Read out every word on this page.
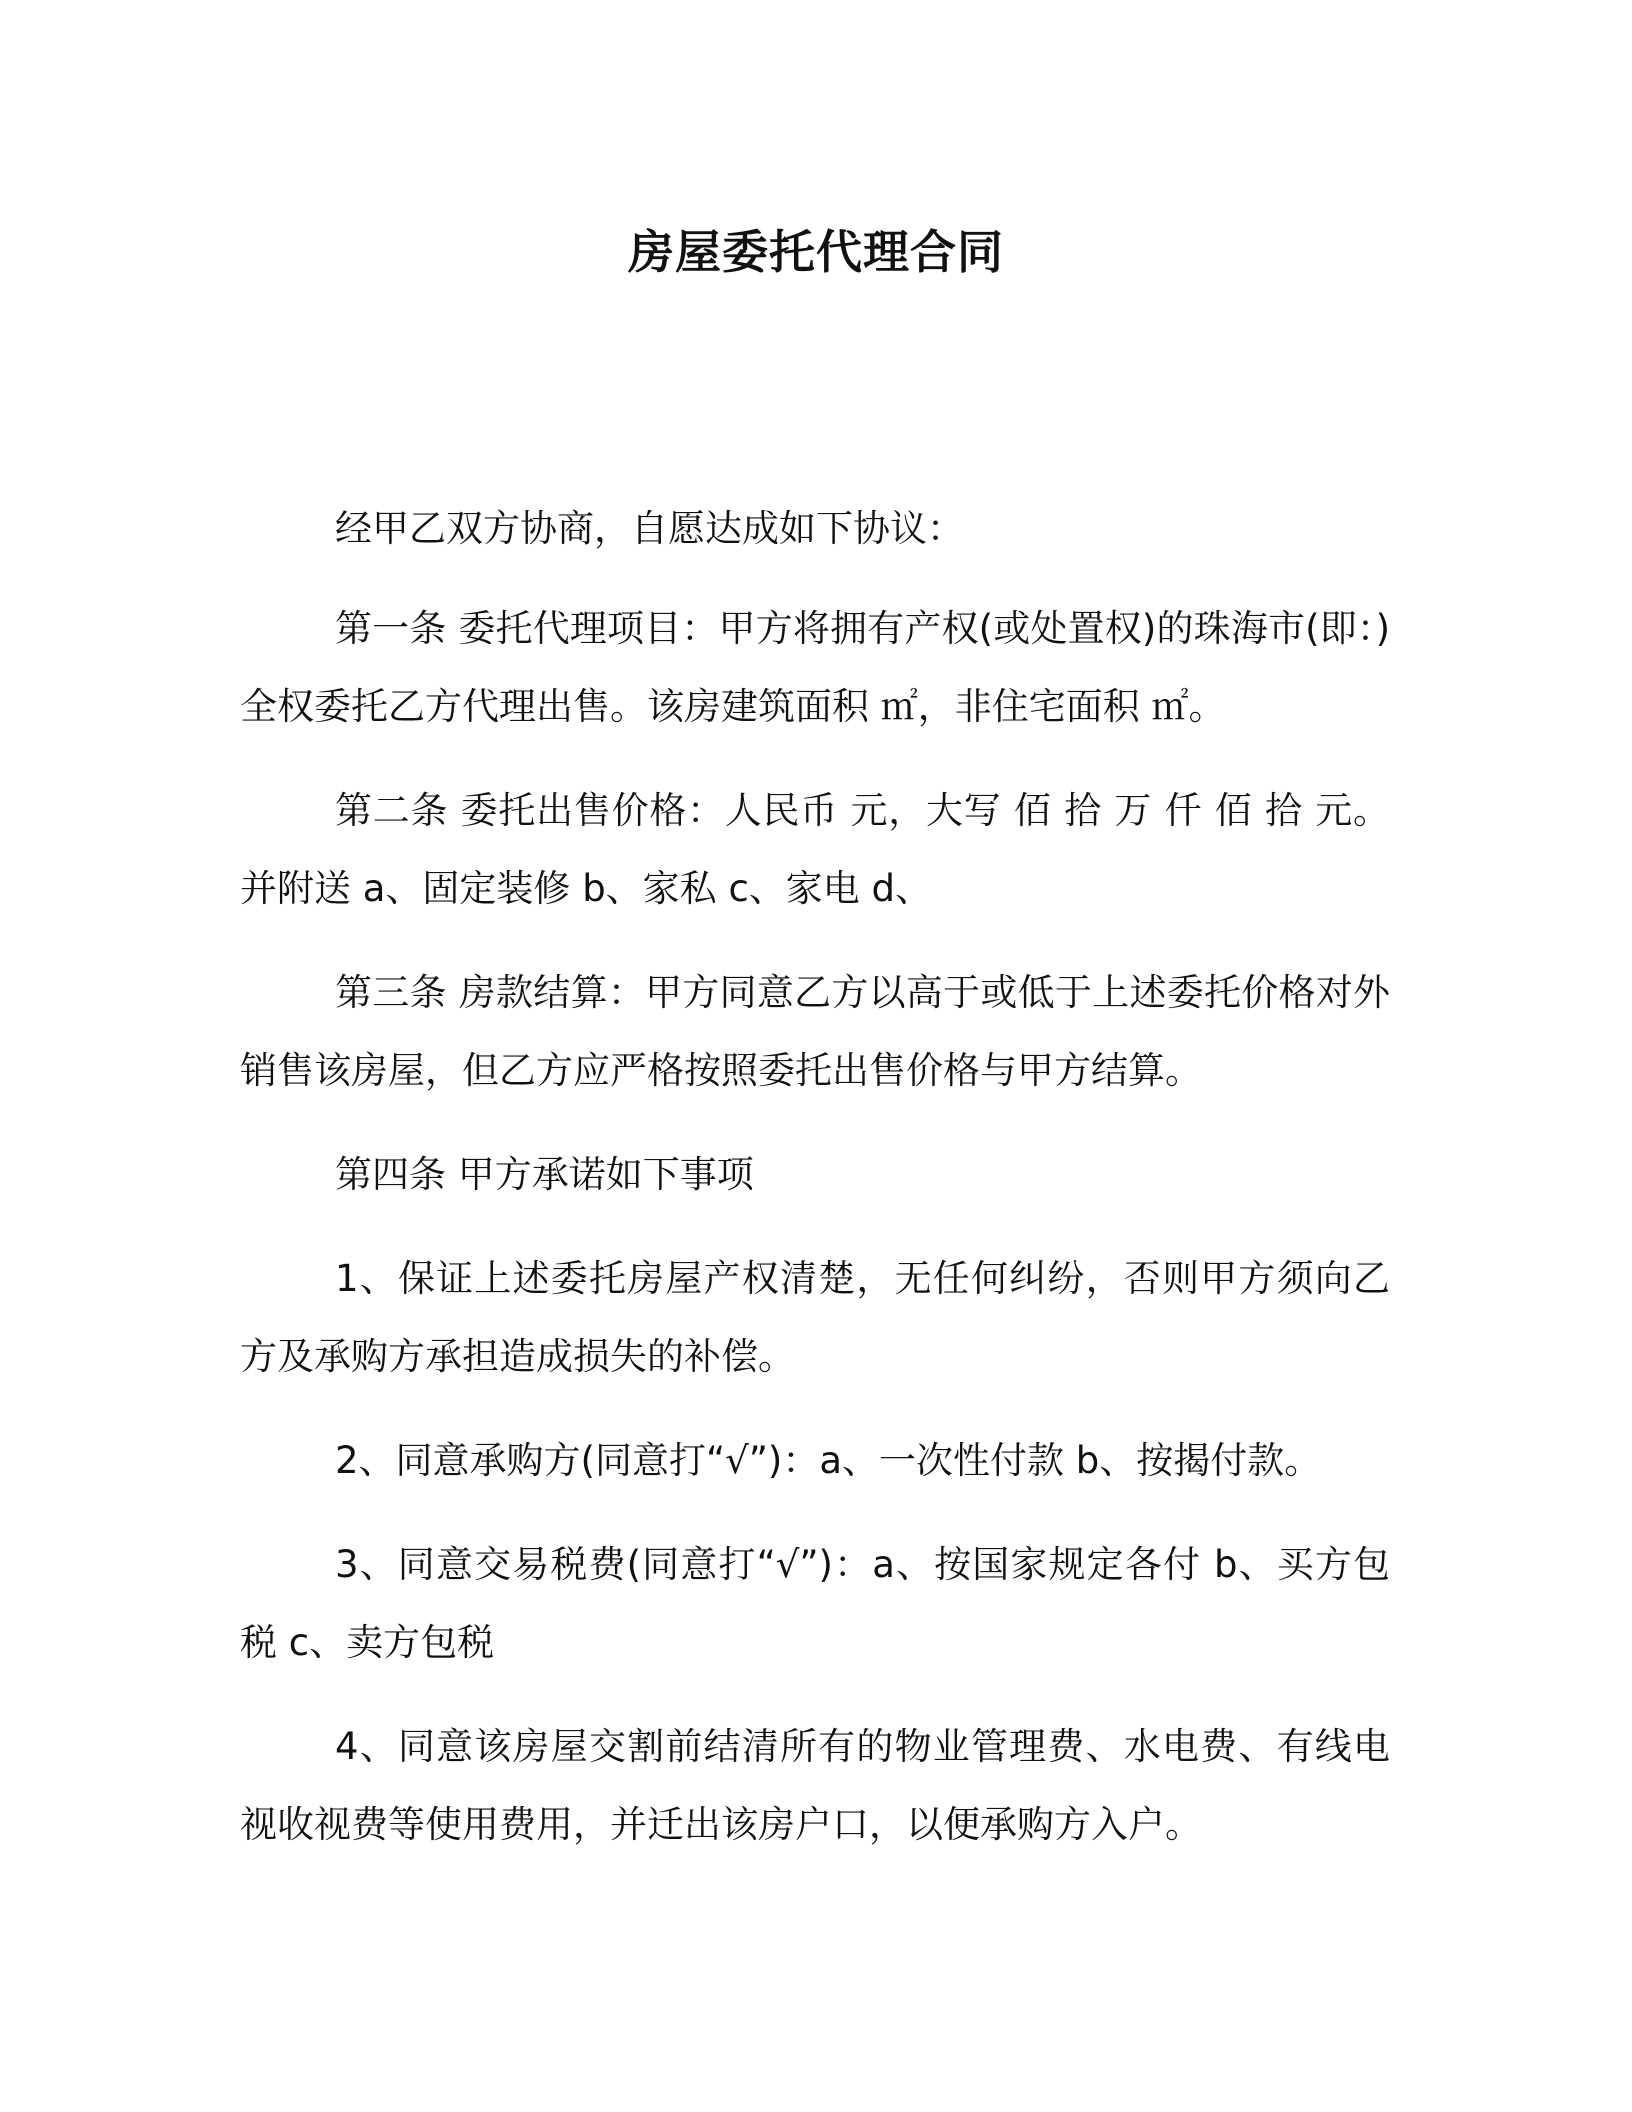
房屋委托代理合同

经甲乙双方协商，自愿达成如下协议：

第一条 委托代理项目：甲方将拥有产权(或处置权)的珠海市(即：)全权委托乙方代理出售。该房建筑面积 ㎡，非住宅面积 ㎡。

第二条 委托出售价格：人民币 元，大写 佰 拾 万 仟 佰 拾 元。并附送 a、固定装修 b、家私 c、家电 d、

第三条 房款结算：甲方同意乙方以高于或低于上述委托价格对外销售该房屋，但乙方应严格按照委托出售价格与甲方结算。

第四条 甲方承诺如下事项

1、保证上述委托房屋产权清楚，无任何纠纷，否则甲方须向乙方及承购方承担造成损失的补偿。

2、同意承购方(同意打“√”)：a、一次性付款 b、按揭付款。

3、同意交易税费(同意打“√”)：a、按国家规定各付 b、买方包税 c、卖方包税

4、同意该房屋交割前结清所有的物业管理费、水电费、有线电视收视费等使用费用，并迁出该房户口，以便承购方入户。
